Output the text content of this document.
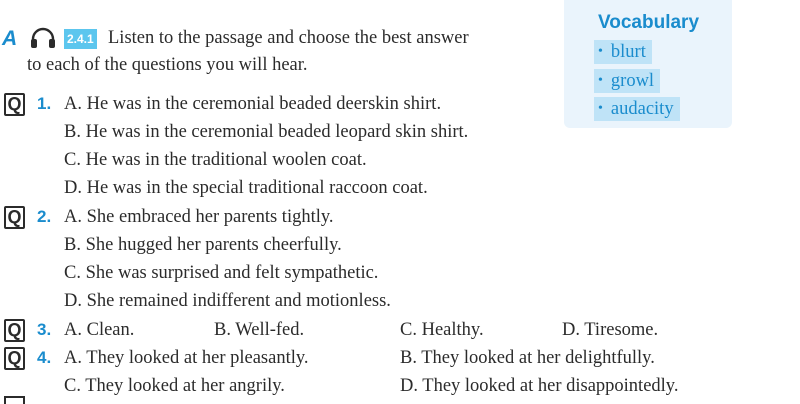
A	2.4.1 Listen to the passage and choose the best answer
to each of the questions you will hear.
Vocabulary
• blurt
• growl
• audacity
Q 1. A. He was in the ceremonial beaded deerskin shirt.
B. He was in the ceremonial beaded leopard skin shirt.
C. He was in the traditional woolen coat.
D. He was in the special traditional raccoon coat.
Q 2. A. She embraced her parents tightly.
B. She hugged her parents cheerfully.
C. She was surprised and felt sympathetic.
D. She remained indifferent and motionless.
Q 3. A. Clean.	B. Well-fed.	C. Healthy.	D. Tiresome.
Q 4. A. They looked at her pleasantly.	B. They looked at her delightfully.
C. They looked at her angrily.	D. They looked at her disappointedly.
